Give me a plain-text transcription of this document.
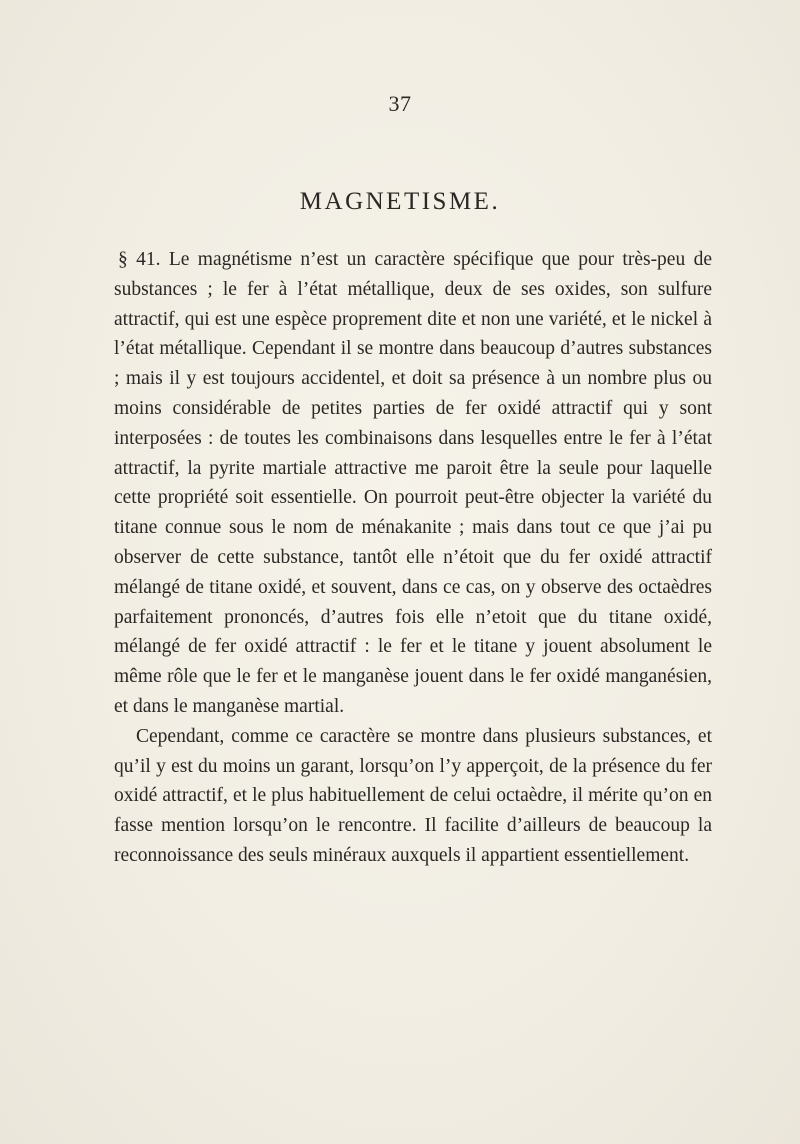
37
MAGNETISME.

§ 41. Le magnétisme n’est un caractère spécifique que pour très-peu de substances ; le fer à l’état métallique, deux de ses oxides, son sulfure attractif, qui est une espèce proprement dite et non une variété, et le nickel à l’état métallique. Cependant il se montre dans beaucoup d’autres substances ; mais il y est toujours accidentel, et doit sa présence à un nombre plus ou moins considérable de petites parties de fer oxidé attractif qui y sont interposées : de toutes les combinaisons dans lesquelles entre le fer à l’état attractif, la pyrite martiale attractive me paroit être la seule pour laquelle cette propriété soit essentielle. On pourroit peut-être objecter la variété du titane connue sous le nom de ménakanite ; mais dans tout ce que j’ai pu observer de cette substance, tantôt elle n’étoit que du fer oxidé attractif mélangé de titane oxidé, et souvent, dans ce cas, on y observe des octaèdres parfaitement prononcés, d’autres fois elle n’etoit que du titane oxidé, mélangé de fer oxidé attractif : le fer et le titane y jouent absolument le même rôle que le fer et le manganèse jouent dans le fer oxidé manganésien, et dans le manganèse martial.

Cependant, comme ce caractère se montre dans plusieurs substances, et qu’il y est du moins un garant, lorsqu’on l’y apperçoit, de la présence du fer oxidé attractif, et le plus habituellement de celui octaèdre, il mérite qu’on en fasse mention lorsqu’on le rencontre. Il facilite d’ailleurs de beaucoup la reconnoissance des seuls minéraux auxquels il appartient essentiellement.
